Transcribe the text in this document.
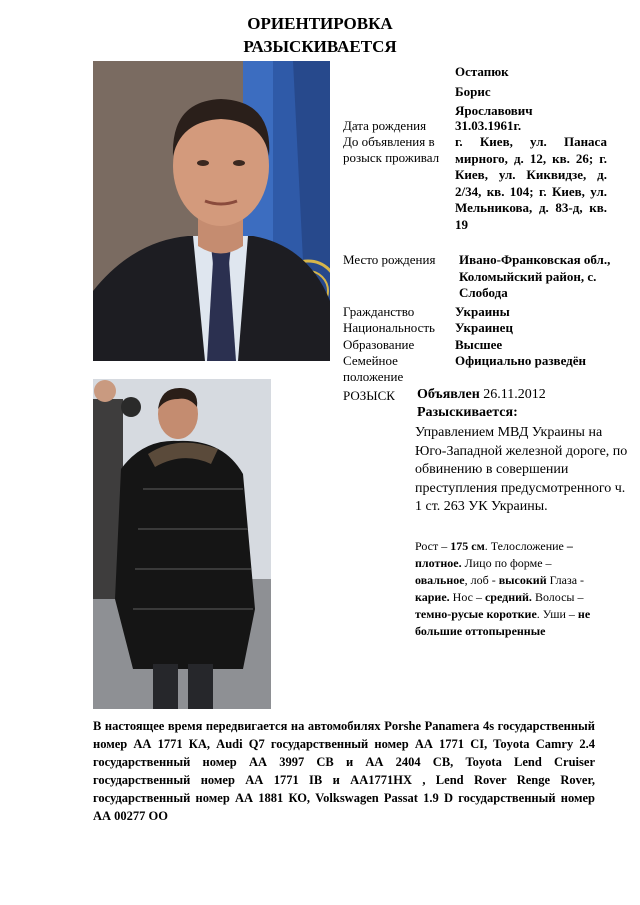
ОРИЕНТИРОВКА
РАЗЫСКИВАЕТСЯ
Остапюк
Борис
Ярославович
Дата рождения 31.03.1961г.
До объявления в розыск проживал
г. Киев, ул. Панаса мирного, д. 12, кв. 26; г. Киев, ул. Киквидзе, д. 2/34, кв. 104; г. Киев, ул. Мельникова, д. 83-д, кв. 19
Место рождения Ивано-Франковская обл., Коломыйский район, с. Слобода
Гражданство	Украины
Национальность Украинец
Образование	Высшее
Семейное положение
Официально разведён
РОЗЫСК Объявлен 26.11.2012
Разыскивается:
Управлением МВД Украины на Юго-Западной железной дороге, по обвинению в совершении преступления предусмотренного ч. 1 ст. 263 УК Украины.
Рост – 175 см. Телосложение – плотное. Лицо по форме – овальное, лоб - высокий Глаза - карие. Нос – средний. Волосы – темно-русые короткие. Уши – не большие оттопыренные
В настоящее время передвигается на автомобилях Porshe Panamera 4s государственный номер АА 1771 КА, Audi Q7 государственный номер АА 1771 СI, Toyota Camry 2.4 государственный номер АА 3997 СВ и АА 2404 СВ, Toyota Lend Cruiser государственный номер АА 1771 IB и AA1771HX , Lend Rover Renge Rover, государственный номер АА 1881 КО, Volkswagen Passat 1.9 D государственный номер АА 00277 ОО
